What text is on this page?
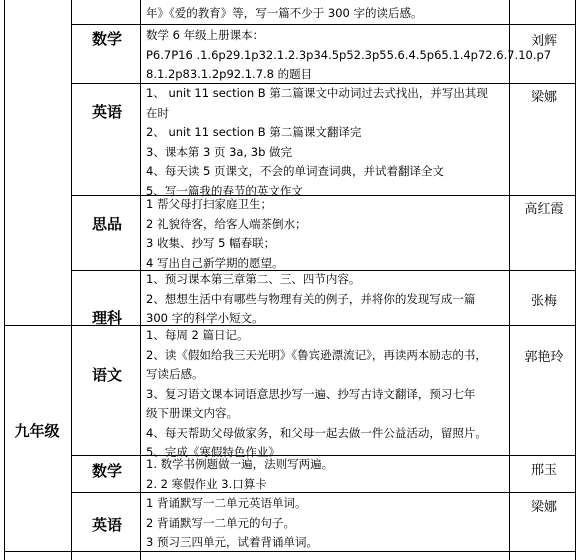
年》《爱的教育》等，写一篇不少于 300 字的读后感。
数学	数学 6 年级上册课本：
P6.7P16 .1.6p29.1p32.1.2.3p34.5p52.3p55.6.4.5p65.1.4p72.6.7.10.p7
8.1.2p83.1.2p92.1.7.8 的题目
刘辉
英语
1、 unit 11 section B 第二篇课文中动词过去式找出，并写出其现
在时
2、 unit 11 section B 第二篇课文翻译完
3、课本第 3 页 3a, 3b 做完
4、每天读 5 页课文，不会的单词查词典，并试着翻译全文
5、写一篇我的春节的英文作文
梁娜
思品
1 帮父母打扫家庭卫生；
2 礼貌待客，给客人端茶倒水；
3 收集、抄写 5 幅春联；
4 写出自己新学期的愿望。
高红霞
理科
1、预习课本第三章第二、三、四节内容。
2、想想生活中有哪些与物理有关的例子，并将你的发现写成一篇
300 字的科学小短文。
张梅
九年级
语文
1、每周 2 篇日记。
2、读《假如给我三天光明》《鲁宾逊漂流记》，再读两本励志的书，
写读后感。
3、复习语文课本词语意思抄写一遍、抄写古诗文翻译，预习七年
级下册课文内容。
4、每天帮助父母做家务，和父母一起去做一件公益活动，留照片。
5、完成《寒假特色作业》
郭艳玲
数学	1. 数学书例题做一遍，法则写两遍。
2. 2 寒假作业 3.口算卡
邢玉
英语
1 背诵默写一二单元英语单词。
2 背诵默写一二单元的句子。
3 预习三四单元，试着背诵单词。
梁娜
